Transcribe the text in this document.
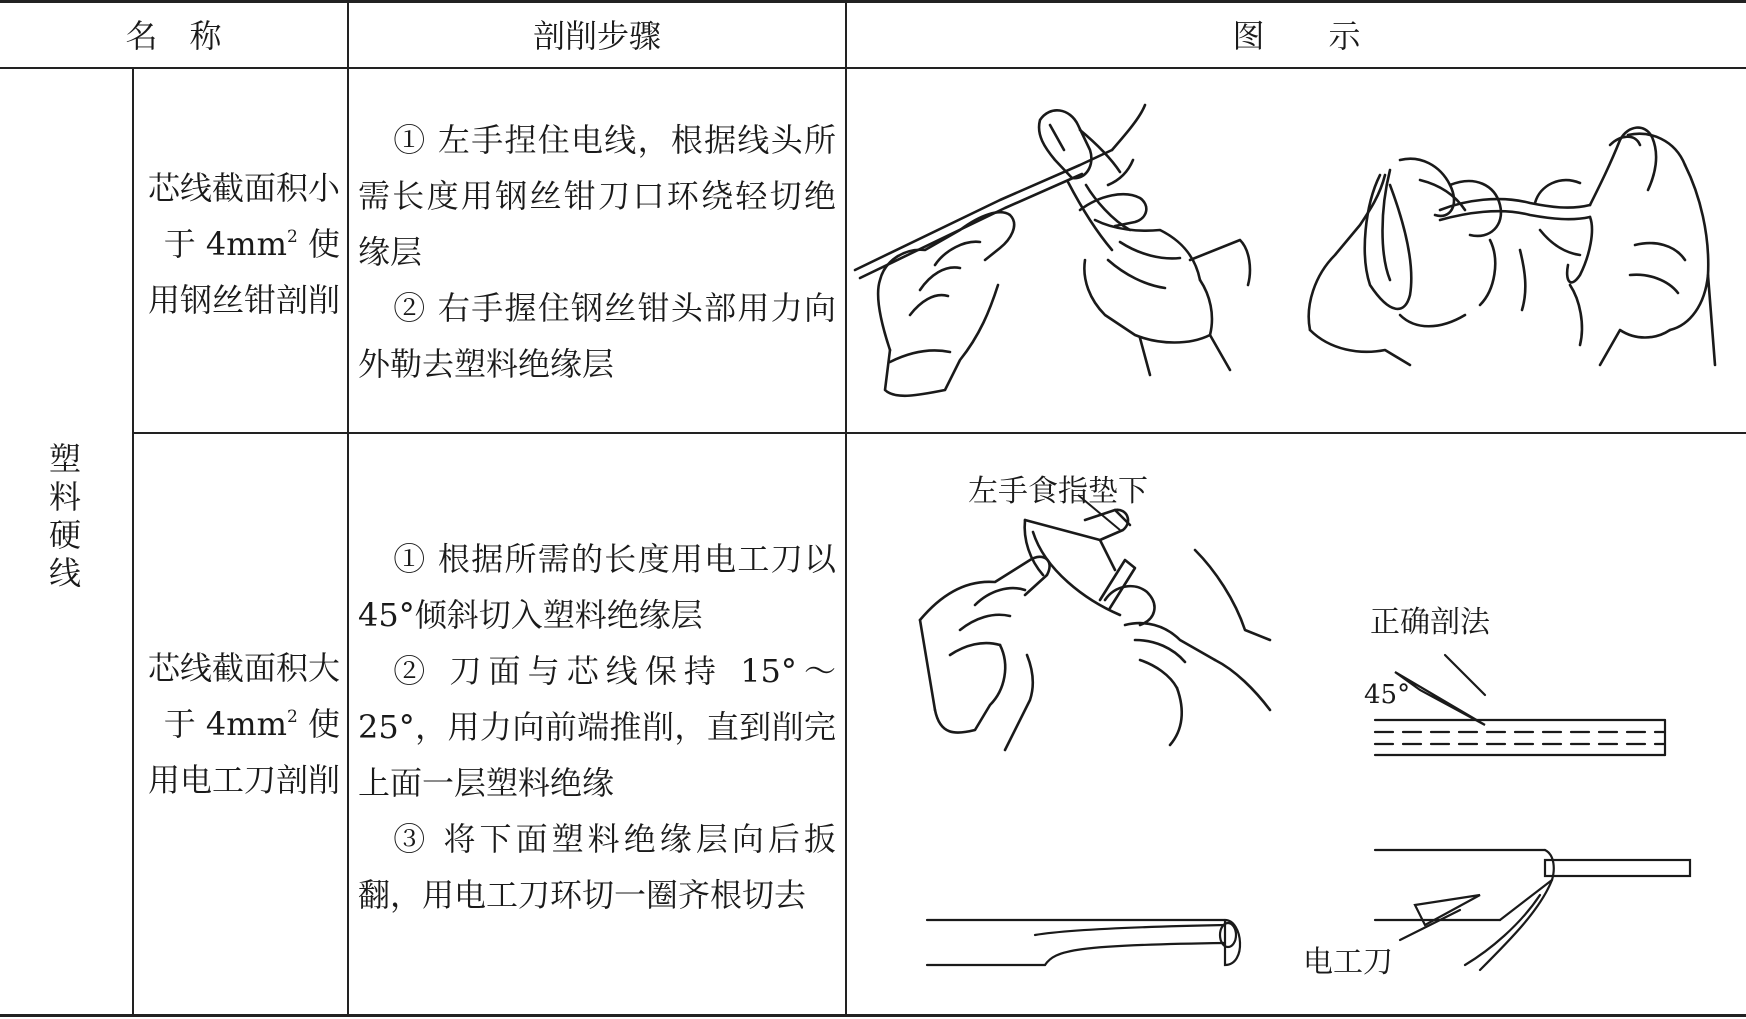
名　称	剖削步骤	图　　示
塑
料
硬
线
芯线截面积小于 $4mm^2$ 使用钢丝钳剖削

① 左手捏住电线，根据线头所需长度用钢丝钳刀口环绕轻切绝缘层

② 右手握住钢丝钳头部用力向外勒去塑料绝缘层

芯线截面积大于 $4mm^2$ 使用电工刀剖削

① 根据所需的长度用电工刀以 45°倾斜切入塑料绝缘层

② 刀面与芯线保持 15°～25°，用力向前端推削，直到削完上面一层塑料绝缘

③ 将下面塑料绝缘层向后扳翻，用电工刀环切一圈齐根切去

左手食指垫下
正确剖法
45°
电工刀
